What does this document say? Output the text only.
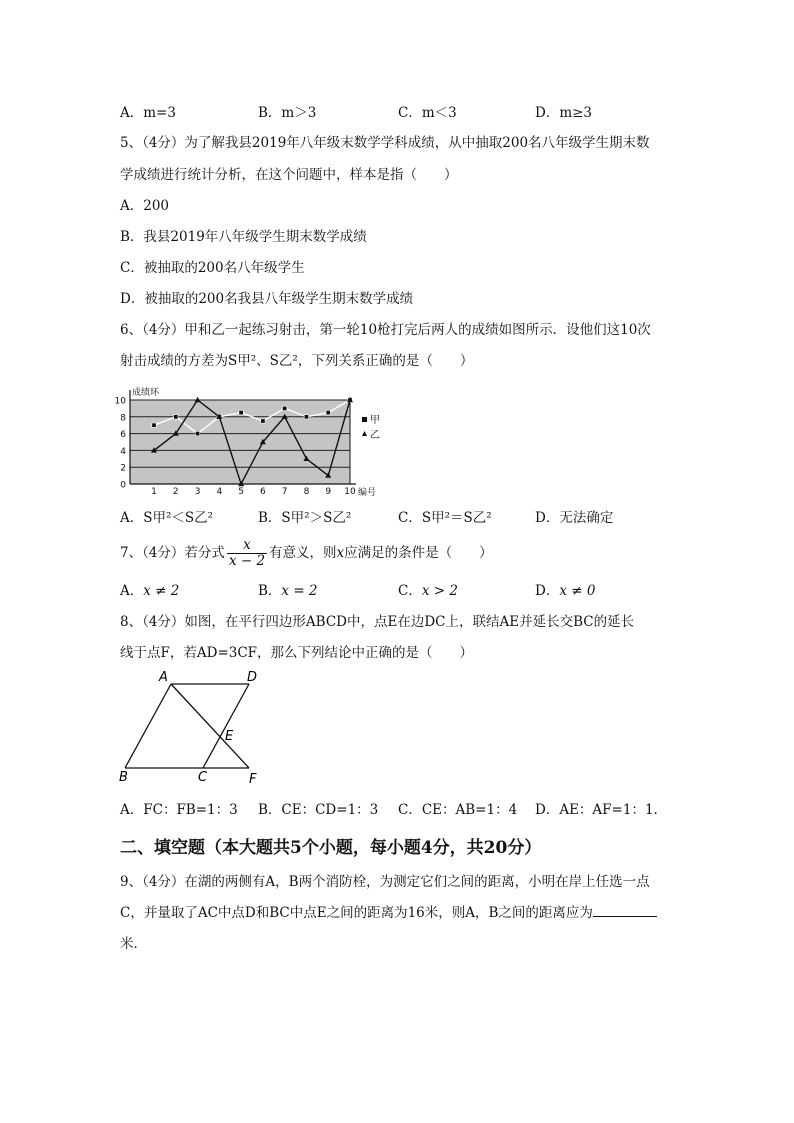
A．m=3	B．m＞3	C．m＜3	D．m≥3
5、（4分）为了解我县2019年八年级末数学学科成绩，从中抽取200名八年级学生期末数
学成绩进行统计分析，在这个问题中，样本是指（　　）
A．200
B．我县2019年八年级学生期末数学成绩
C．被抽取的200名八年级学生
D．被抽取的200名我县八年级学生期末数学成绩
6、（4分）甲和乙一起练习射击，第一轮10枪打完后两人的成绩如图所示．设他们这10次
射击成绩的方差为S甲²、S乙²，下列关系正确的是（　　）
0
2
4
6
8
10
1 2 3 4 5 6 7 8 9 10
成绩环
编号
甲
乙
A．S甲²＜S乙²	B．S甲²＞S乙²	C．S甲²＝S乙²	D．无法确定
7、（4分）若分式 $\frac{x}{x - 2}$ 有意义，则x应满足的条件是（　　）
A．x ≠ 2	B．x = 2	C．x > 2	D．x ≠ 0
8、（4分）如图，在平行四边形ABCD中，点E在边DC上，联结AE并延长交BC的延长
线于点F，若AD=3CF，那么下列结论中正确的是（　　）
A	D
B	C
E
F
A．FC：FB=1：3 B．CE：CD=1：3 C．CE：AB=1：4 D．AE：AF=1：1.
二、填空题（本大题共5个小题，每小题4分，共20分）
9、（4分）在湖的两侧有A，B两个消防栓，为测定它们之间的距离，小明在岸上任选一点
C，并量取了AC中点D和BC中点E之间的距离为16米，则A，B之间的距离应为
米．
